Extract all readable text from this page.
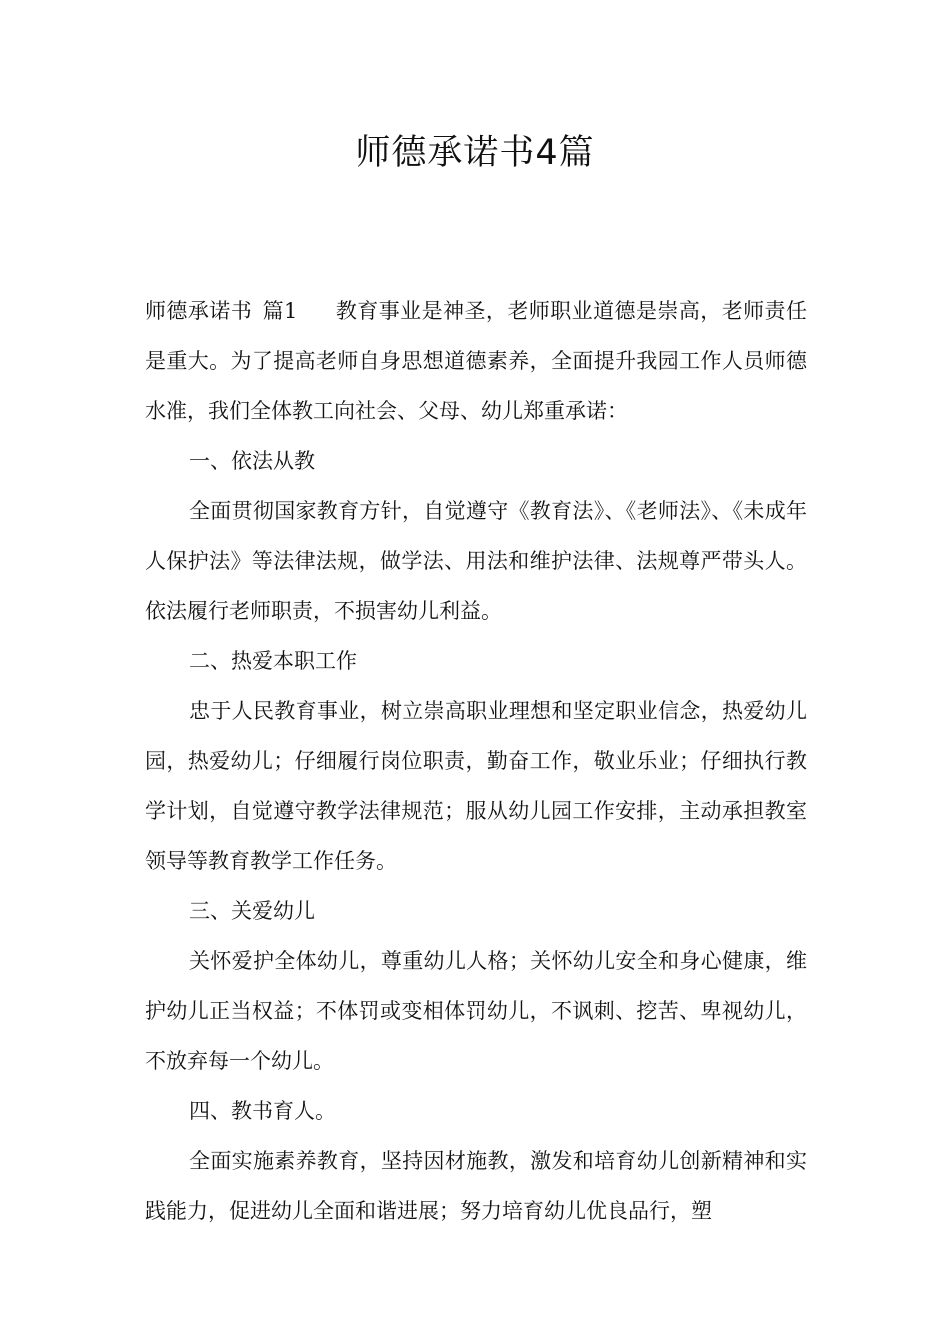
师德承诺书4篇

师德承诺书 篇1 教育事业是神圣，老师职业道德是崇高，老师责任是重大。为了提高老师自身思想道德素养，全面提升我园工作人员师德水准，我们全体教工向社会、父母、幼儿郑重承诺：

一、依法从教

全面贯彻国家教育方针，自觉遵守《教育法》、《老师法》、《未成年人保护法》等法律法规，做学法、用法和维护法律、法规尊严带头人。依法履行老师职责，不损害幼儿利益。

二、热爱本职工作

忠于人民教育事业，树立崇高职业理想和坚定职业信念，热爱幼儿园，热爱幼儿；仔细履行岗位职责，勤奋工作，敬业乐业；仔细执行教学计划，自觉遵守教学法律规范；服从幼儿园工作安排，主动承担教室领导等教育教学工作任务。

三、关爱幼儿

关怀爱护全体幼儿，尊重幼儿人格；关怀幼儿安全和身心健康，维护幼儿正当权益；不体罚或变相体罚幼儿，不讽刺、挖苦、卑视幼儿，不放弃每一个幼儿。

四、教书育人。

全面实施素养教育，坚持因材施教，激发和培育幼儿创新精神和实践能力，促进幼儿全面和谐进展；努力培育幼儿优良品行，塑
